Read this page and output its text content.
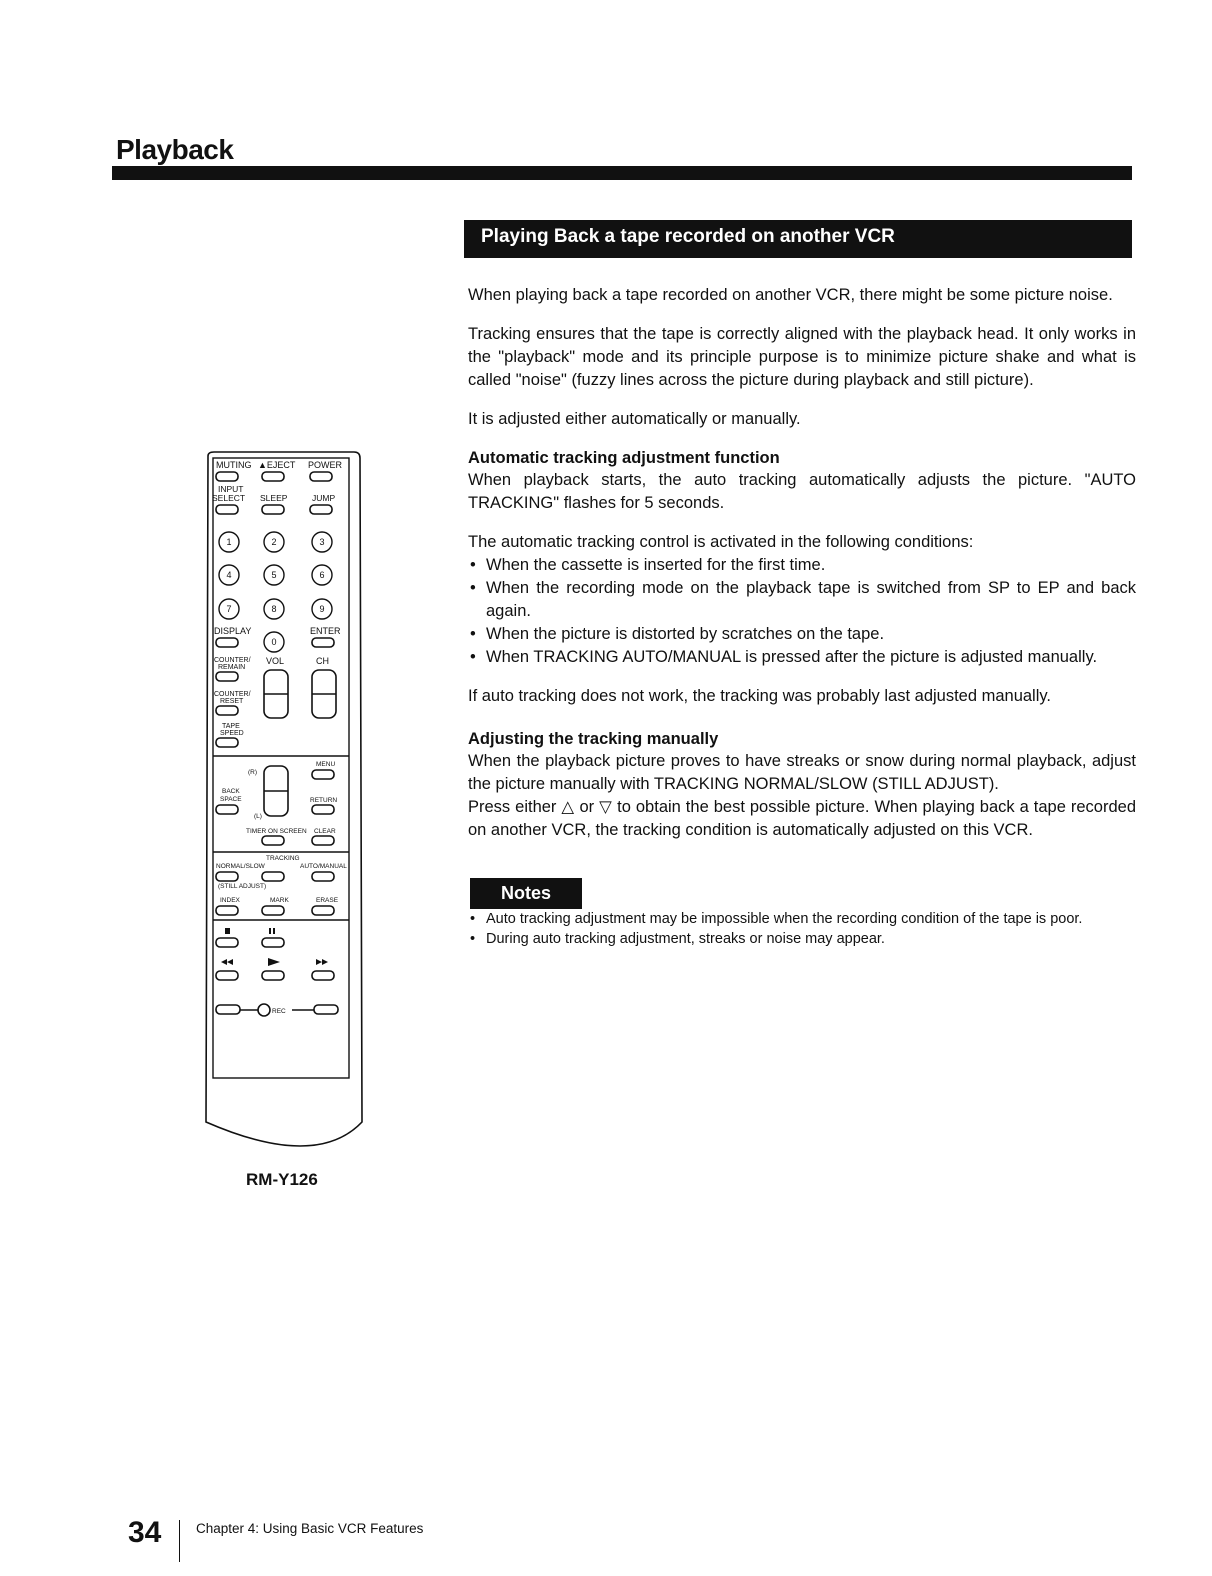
Playback
Playing Back a tape recorded on another VCR
MUTING ▲EJECT POWER
INPUT
SELECT SLEEP	JUMP
1	2	3
4	5	6
7	8	9
0
DISPLAY	ENTER
COUNTER/
REMAIN
COUNTER/
RESET
TAPE
SPEED
VOL	CH
MENU
(R)
BACK
SPACE
(L)
RETURN
TIMER ON SCREEN CLEAR
TRACKING
NORMAL/SLOW	AUTO/MANUAL
(STILL ADJUST)
INDEX	MARK	ERASE
REC
RM-Y126

When playing back a tape recorded on another VCR, there might be some picture noise.

Tracking ensures that the tape is correctly aligned with the playback head. It only works in the "playback" mode and its principle purpose is to minimize picture shake and what is called "noise" (fuzzy lines across the picture during playback and still picture).

It is adjusted either automatically or manually.

Automatic tracking adjustment function

When playback starts, the auto tracking automatically adjusts the picture. "AUTO TRACKING" flashes for 5 seconds.

The automatic tracking control is activated in the following conditions:

• When the cassette is inserted for the first time.
• When the recording mode on the playback tape is switched from SP to EP and back again.
• When the picture is distorted by scratches on the tape.
• When TRACKING AUTO/MANUAL is pressed after the picture is adjusted manually.

If auto tracking does not work, the tracking was probably last adjusted manually.

Adjusting the tracking manually

When the playback picture proves to have streaks or snow during normal playback, adjust the picture manually with TRACKING NORMAL/SLOW (STILL ADJUST).

Press either △ or ▽ to obtain the best possible picture. When playing back a tape recorded on another VCR, the tracking condition is automatically adjusted on this VCR.

Notes
• Auto tracking adjustment may be impossible when the recording condition of the tape is poor.
• During auto tracking adjustment, streaks or noise may appear.
34	Chapter 4: Using Basic VCR Features
